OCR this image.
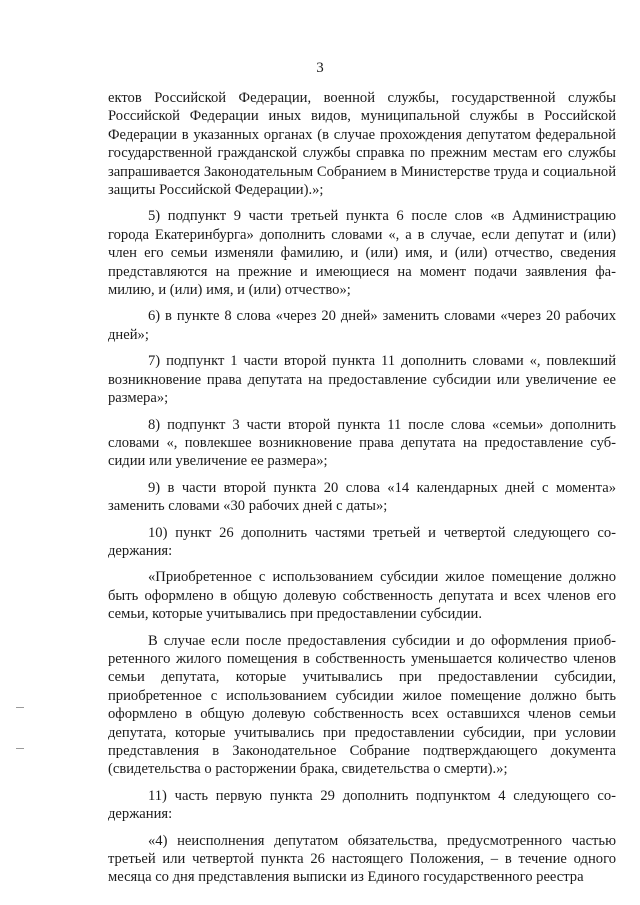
3

ектов Российской Федерации, военной службы, государственной службы Российской Федерации иных видов, муниципальной службы в Российской Федерации в указанных органах (в случае прохождения депутатом федеральной государственной гражданской службы справка по прежним местам его службы запрашивается Законодательным Собранием в Министерстве труда и социальной защиты Российской Федерации).»;

5) подпункт 9 части третьей пункта 6 после слов «в Администрацию города Екатеринбурга» дополнить словами «, а в случае, если депутат и (или) член его семьи изменяли фамилию, и (или) имя, и (или) отчество, сведения представляются на прежние и имеющиеся на момент подачи заявления фамилию, и (или) имя, и (или) отчество»;

6) в пункте 8 слова «через 20 дней» заменить словами «через 20 рабочих дней»;

7) подпункт 1 части второй пункта 11 дополнить словами «, повлекший возникновение права депутата на предоставление субсидии или увеличение ее размера»;

8) подпункт 3 части второй пункта 11 после слова «семьи» дополнить словами «, повлекшее возникновение права депутата на предоставление субсидии или увеличение ее размера»;

9) в части второй пункта 20 слова «14 календарных дней с момента» заменить словами «30 рабочих дней с даты»;

10) пункт 26 дополнить частями третьей и четвертой следующего содержания:

«Приобретенное с использованием субсидии жилое помещение должно быть оформлено в общую долевую собственность депутата и всех членов его семьи, которые учитывались при предоставлении субсидии.

В случае если после предоставления субсидии и до оформления приобретенного жилого помещения в собственность уменьшается количество членов семьи депутата, которые учитывались при предоставлении субсидии, приобретенное с использованием субсидии жилое помещение должно быть оформлено в общую долевую собственность всех оставшихся членов семьи депутата, которые учитывались при предоставлении субсидии, при условии представления в Законодательное Собрание подтверждающего документа (свидетельства о расторжении брака, свидетельства о смерти).»;

11) часть первую пункта 29 дополнить подпунктом 4 следующего содержания:

«4) неисполнения депутатом обязательства, предусмотренного частью третьей или четвертой пункта 26 настоящего Положения, – в течение одного месяца со дня представления выписки из Единого государственного реестра
